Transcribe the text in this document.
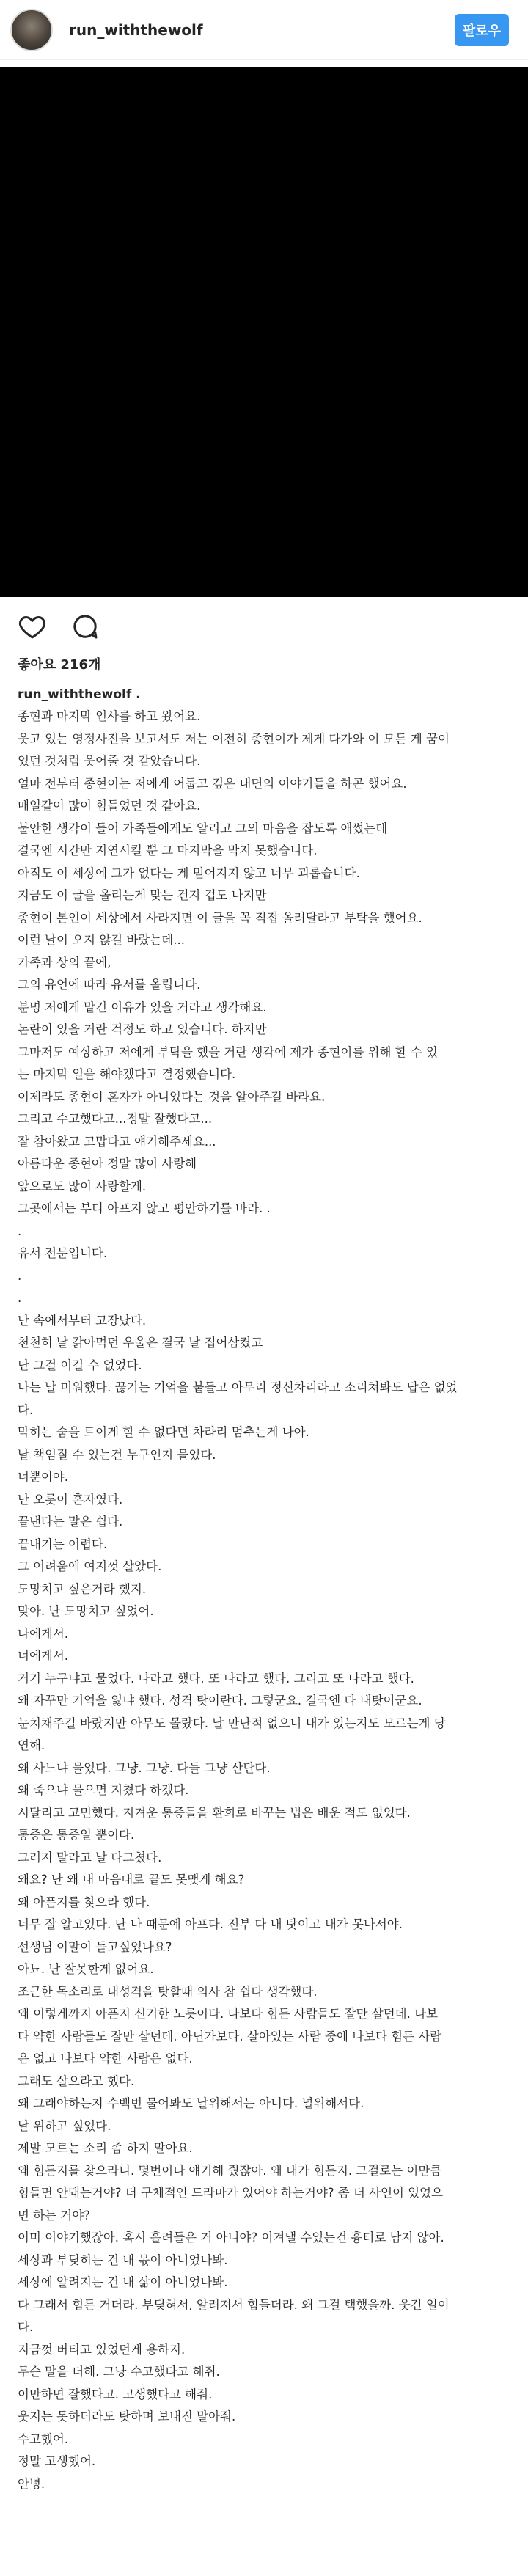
run_withthewolf	팔로우
좋아요 216개
run_withthewolf .
종현과 마지막 인사를 하고 왔어요.
웃고 있는 영정사진을 보고서도 저는 여전히 종현이가 제게 다가와 이 모든 게 꿈이
었던 것처럼 웃어줄 것 같았습니다.
얼마 전부터 종현이는 저에게 어둡고 깊은 내면의 이야기들을 하곤 했어요.
매일같이 많이 힘들었던 것 같아요.
불안한 생각이 들어 가족들에게도 알리고 그의 마음을 잡도록 애썼는데
결국엔 시간만 지연시킬 뿐 그 마지막을 막지 못했습니다.
아직도 이 세상에 그가 없다는 게 믿어지지 않고 너무 괴롭습니다.
지금도 이 글을 올리는게 맞는 건지 겁도 나지만
종현이 본인이 세상에서 사라지면 이 글을 꼭 직접 올려달라고 부탁을 했어요.
이런 날이 오지 않길 바랐는데...
가족과 상의 끝에,
그의 유언에 따라 유서를 올립니다.
분명 저에게 맡긴 이유가 있을 거라고 생각해요.
논란이 있을 거란 걱정도 하고 있습니다. 하지만
그마저도 예상하고 저에게 부탁을 했을 거란 생각에 제가 종현이를 위해 할 수 있
는 마지막 일을 해야겠다고 결정했습니다.
이제라도 종현이 혼자가 아니었다는 것을 알아주길 바라요.
그리고 수고했다고...정말 잘했다고...
잘 참아왔고 고맙다고 얘기해주세요...
아름다운 종현아 정말 많이 사랑해
앞으로도 많이 사랑할게.
그곳에서는 부디 아프지 않고 평안하기를 바라. .
.
유서 전문입니다.
.
.
난 속에서부터 고장났다.
천천히 날 갉아먹던 우울은 결국 날 집어삼켰고
난 그걸 이길 수 없었다.
나는 날 미워했다. 끊기는 기억을 붙들고 아무리 정신차리라고 소리쳐봐도 답은 없었
다.
막히는 숨을 트이게 할 수 없다면 차라리 멈추는게 나아.
날 책임질 수 있는건 누구인지 물었다.
너뿐이야.
난 오롯이 혼자였다.
끝낸다는 말은 쉽다.
끝내기는 어렵다.
그 어려움에 여지껏 살았다.
도망치고 싶은거라 했지.
맞아. 난 도망치고 싶었어.
나에게서.
너에게서.
거기 누구냐고 물었다. 나라고 했다. 또 나라고 했다. 그리고 또 나라고 했다.
왜 자꾸만 기억을 잃냐 했다. 성격 탓이란다. 그렇군요. 결국엔 다 내탓이군요.
눈치채주길 바랐지만 아무도 몰랐다. 날 만난적 없으니 내가 있는지도 모르는게 당
연해.
왜 사느냐 물었다. 그냥. 그냥. 다들 그냥 산단다.
왜 죽으냐 물으면 지쳤다 하겠다.
시달리고 고민했다. 지겨운 통증들을 환희로 바꾸는 법은 배운 적도 없었다.
통증은 통증일 뿐이다.
그러지 말라고 날 다그쳤다.
왜요? 난 왜 내 마음대로 끝도 못맺게 해요?
왜 아픈지를 찾으라 했다.
너무 잘 알고있다. 난 나 때문에 아프다. 전부 다 내 탓이고 내가 못나서야.
선생님 이말이 듣고싶었나요?
아뇨. 난 잘못한게 없어요.
조근한 목소리로 내성격을 탓할때 의사 참 쉽다 생각했다.
왜 이렇게까지 아픈지 신기한 노릇이다. 나보다 힘든 사람들도 잘만 살던데. 나보
다 약한 사람들도 잘만 살던데. 아닌가보다. 살아있는 사람 중에 나보다 힘든 사람
은 없고 나보다 약한 사람은 없다.
그래도 살으라고 했다.
왜 그래야하는지 수백번 물어봐도 날위해서는 아니다. 널위해서다.
날 위하고 싶었다.
제발 모르는 소리 좀 하지 말아요.
왜 힘든지를 찾으라니. 몇번이나 얘기해 줬잖아. 왜 내가 힘든지. 그걸로는 이만큼
힘들면 안돼는거야? 더 구체적인 드라마가 있어야 하는거야? 좀 더 사연이 있었으
면 하는 거야?
이미 이야기했잖아. 혹시 흘려들은 거 아니야? 이겨낼 수있는건 흉터로 남지 않아.
세상과 부딪히는 건 내 몫이 아니었나봐.
세상에 알려지는 건 내 삶이 아니었나봐.
다 그래서 힘든 거더라. 부딪혀서, 알려져서 힘들더라. 왜 그걸 택했을까. 웃긴 일이
다.
지금껏 버티고 있었던게 용하지.
무슨 말을 더해. 그냥 수고했다고 해줘.
이만하면 잘했다고. 고생했다고 해줘.
웃지는 못하더라도 탓하며 보내진 말아줘.
수고했어.
정말 고생했어.
안녕.
